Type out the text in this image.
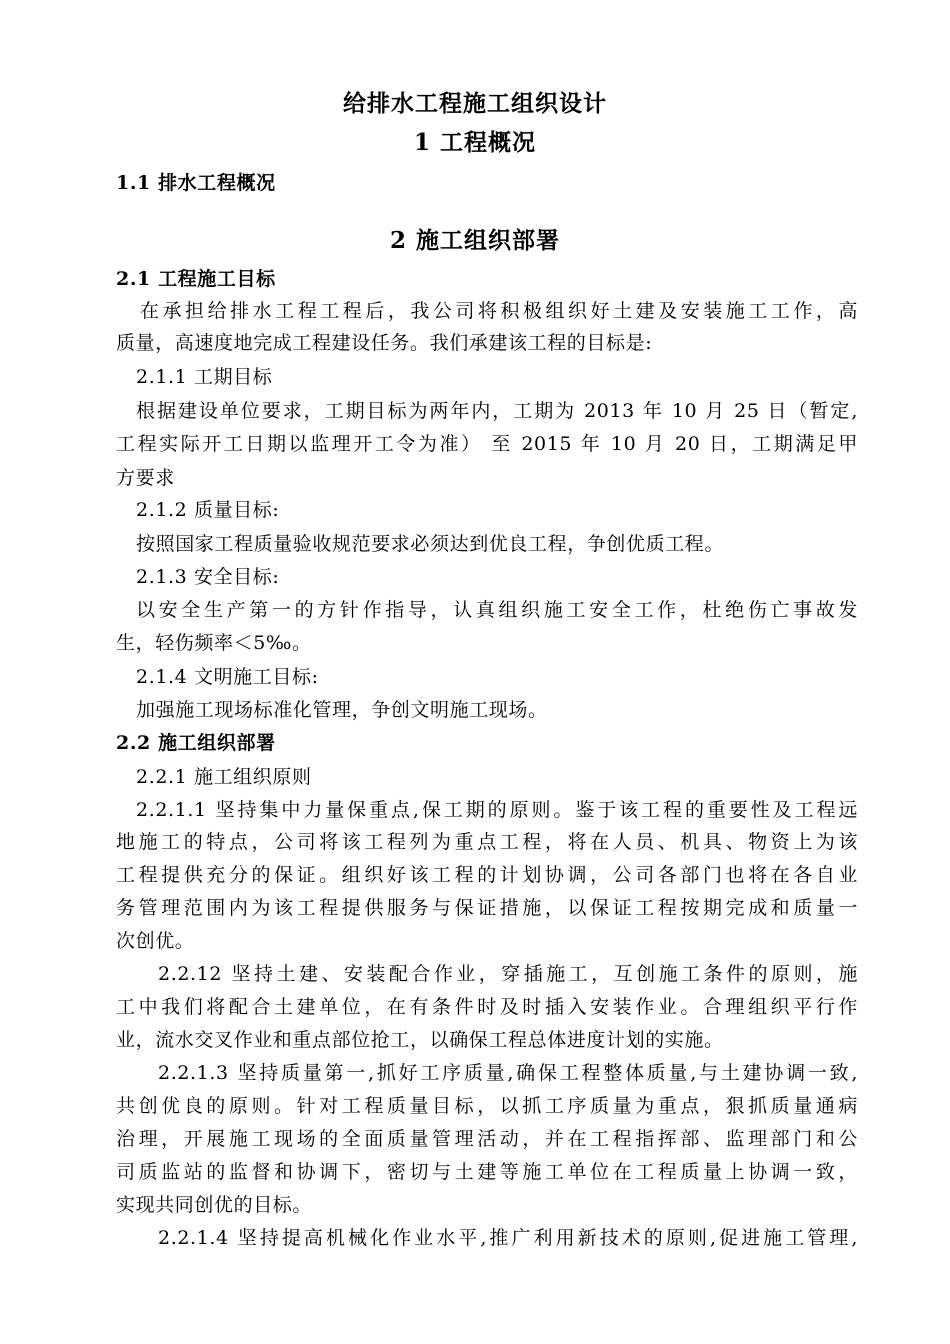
给排水工程施工组织设计
1 工程概况
1.1 排水工程概况
2 施工组织部署
2.1 工程施工目标
在承担给排水工程工程后，我公司将积极组织好土建及安装施工工作，高
质量，高速度地完成工程建设任务。我们承建该工程的目标是:
2.1.1 工期目标
根据建设单位要求，工期目标为两年内，工期为 2013 年 10 月 25 日（暂定,
工程实际开工日期以监理开工令为准） 至 2015 年 10 月 20 日，工期满足甲
方要求
2.1.2 质量目标:
按照国家工程质量验收规范要求必须达到优良工程，争创优质工程。
2.1.3 安全目标:
以安全生产第一的方针作指导，认真组织施工安全工作，杜绝伤亡事故发
生，轻伤频率＜5‰。
2.1.4 文明施工目标:
加强施工现场标准化管理，争创文明施工现场。
2.2 施工组织部署
2.2.1 施工组织原则
2.2.1.1 坚持集中力量保重点,保工期的原则。鉴于该工程的重要性及工程远
地施工的特点，公司将该工程列为重点工程，将在人员、机具、物资上为该
工程提供充分的保证。组织好该工程的计划协调，公司各部门也将在各自业
务管理范围内为该工程提供服务与保证措施，以保证工程按期完成和质量一
次创优。
2.2.12 坚持土建、安装配合作业，穿插施工，互创施工条件的原则，施
工中我们将配合土建单位，在有条件时及时插入安装作业。合理组织平行作
业，流水交叉作业和重点部位抢工，以确保工程总体进度计划的实施。
2.2.1.3 坚持质量第一,抓好工序质量,确保工程整体质量,与土建协调一致,
共创优良的原则。针对工程质量目标，以抓工序质量为重点，狠抓质量通病
治理，开展施工现场的全面质量管理活动，并在工程指挥部、监理部门和公
司质监站的监督和协调下，密切与土建等施工单位在工程质量上协调一致，
实现共同创优的目标。
2.2.1.4 坚持提高机械化作业水平,推广利用新技术的原则,促进施工管理,
